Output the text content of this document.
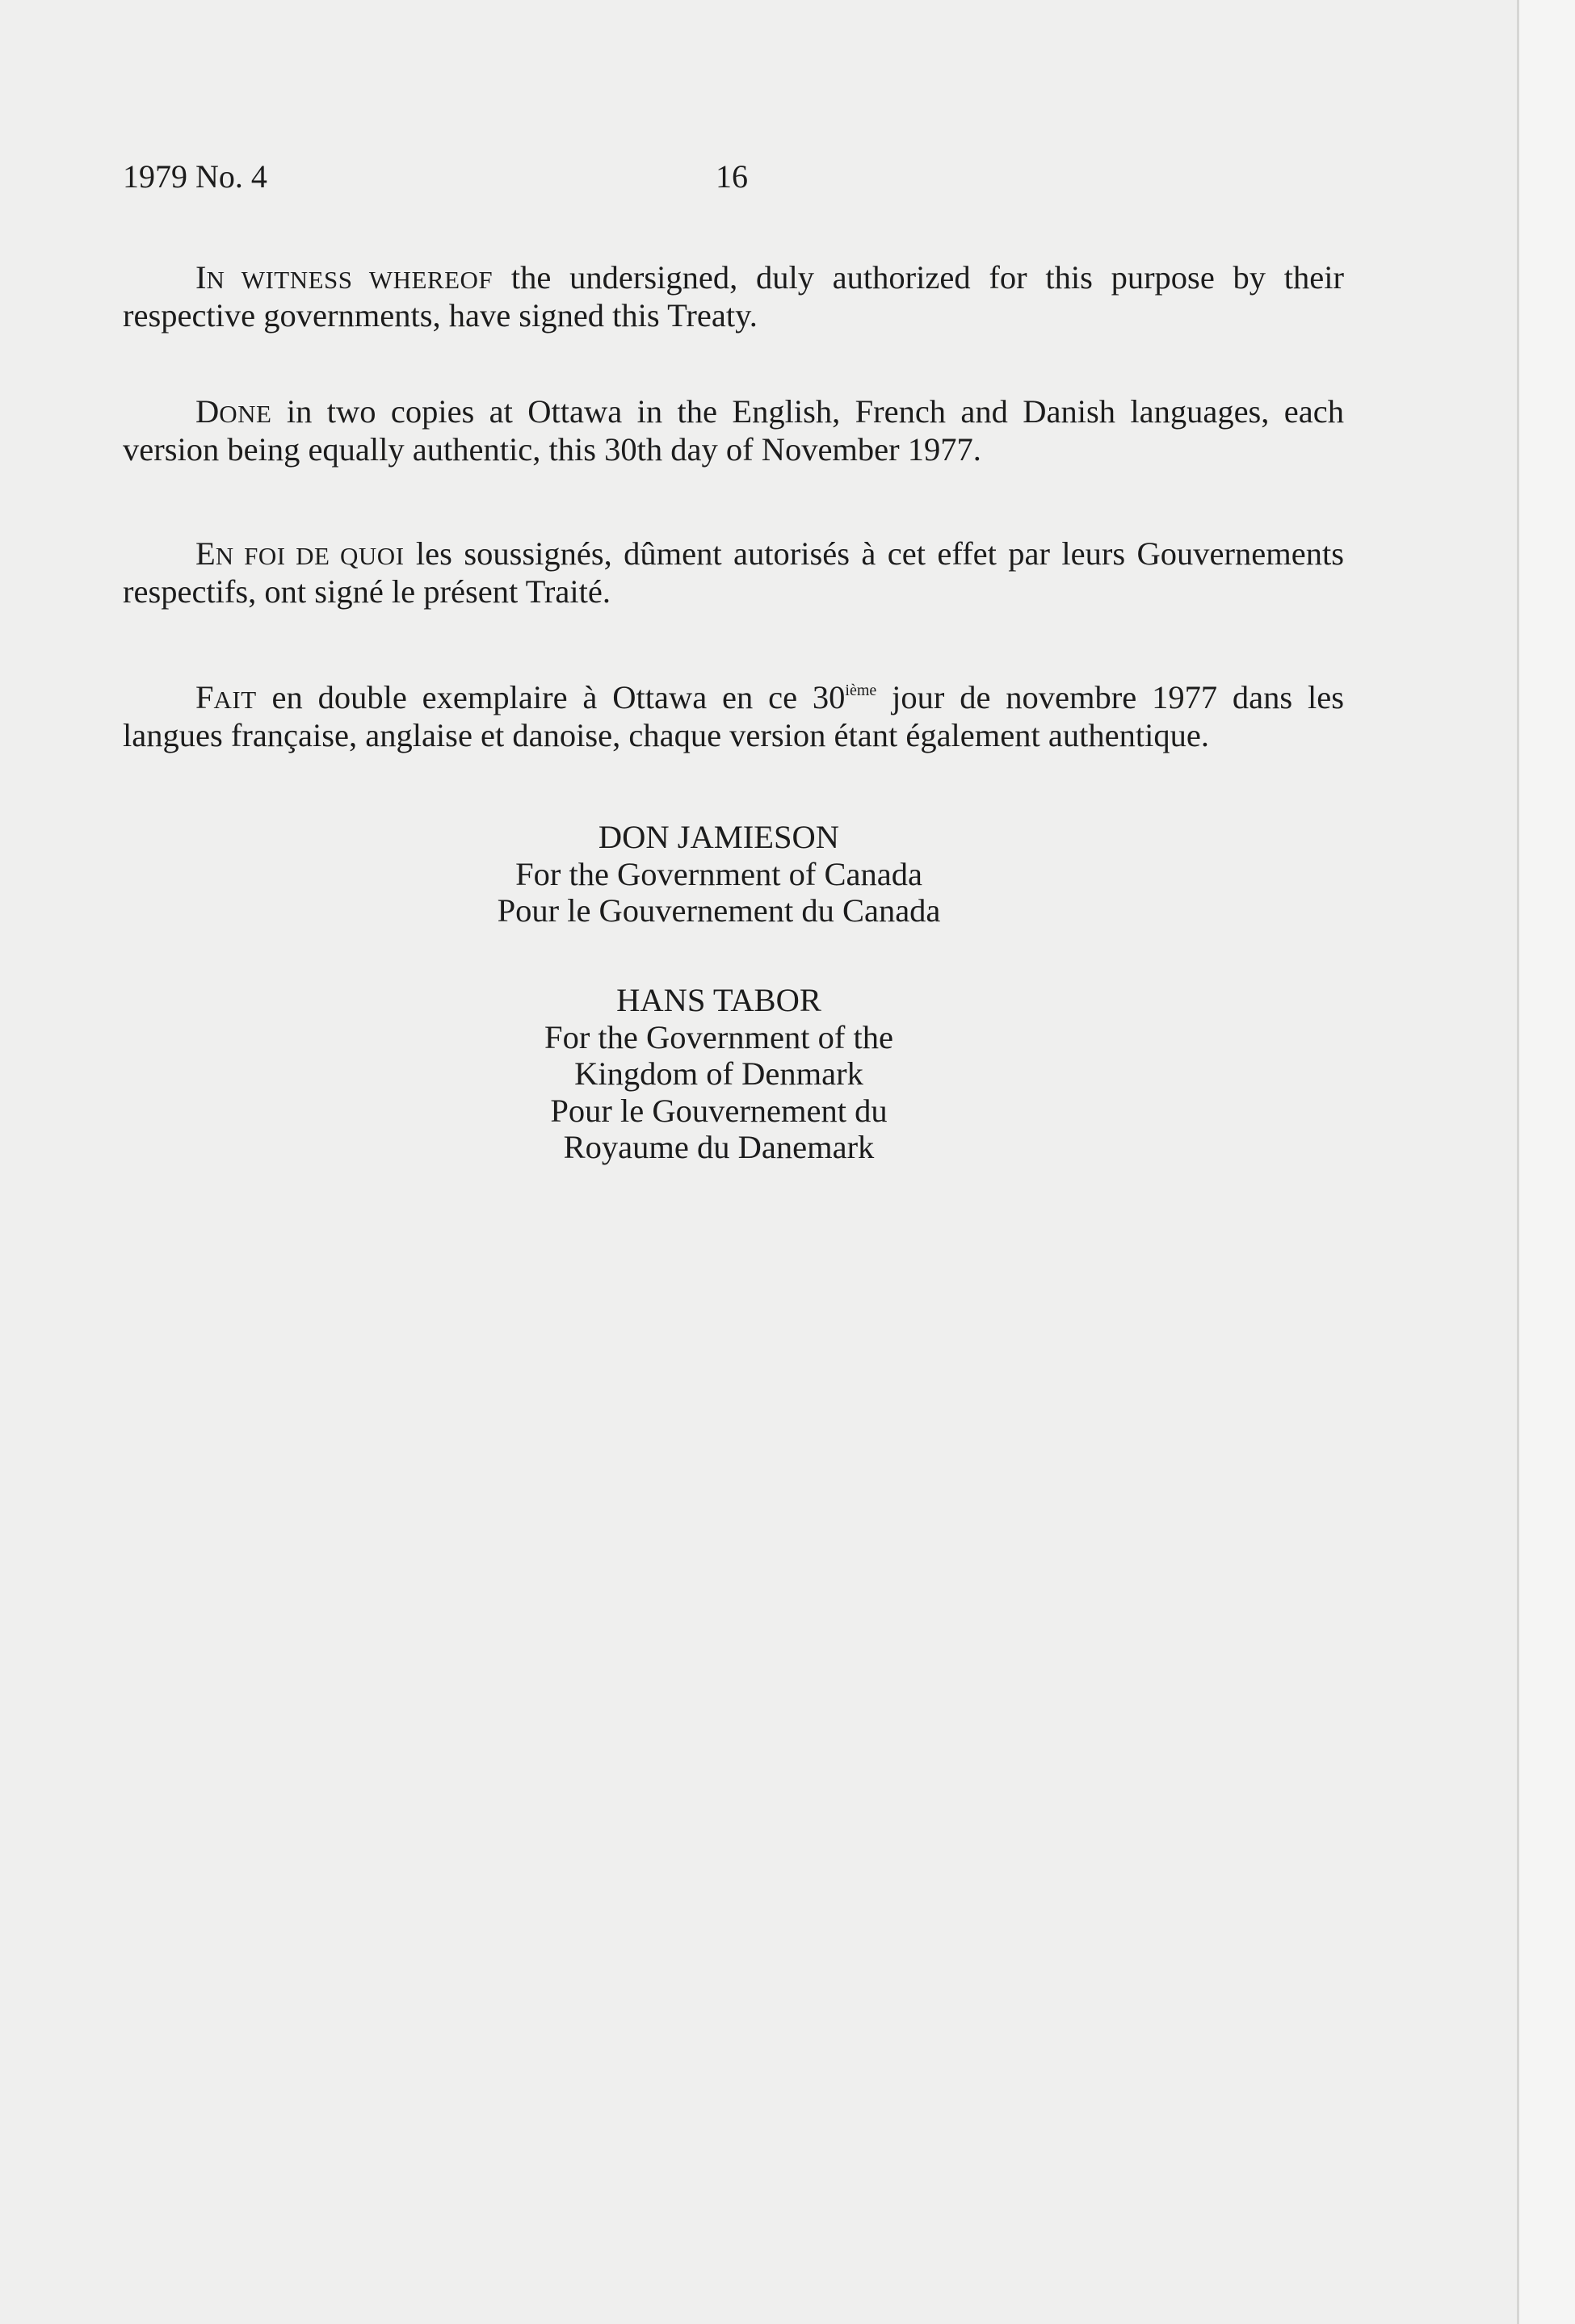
1979 No. 4	16
IN WITNESS WHEREOF the undersigned, duly authorized for this purpose by their respective governments, have signed this Treaty.
DONE in two copies at Ottawa in the English, French and Danish languages, each version being equally authentic, this 30th day of November 1977.
EN FOI DE QUOI les soussignés, dûment autorisés à cet effet par leurs Gouvernements respectifs, ont signé le présent Traité.
FAIT en double exemplaire à Ottawa en ce 30ième jour de novembre 1977 dans les langues française, anglaise et danoise, chaque version étant également authentique.
DON JAMIESON
For the Government of Canada
Pour le Gouvernement du Canada
HANS TABOR
For the Government of the
Kingdom of Denmark
Pour le Gouvernement du
Royaume du Danemark
